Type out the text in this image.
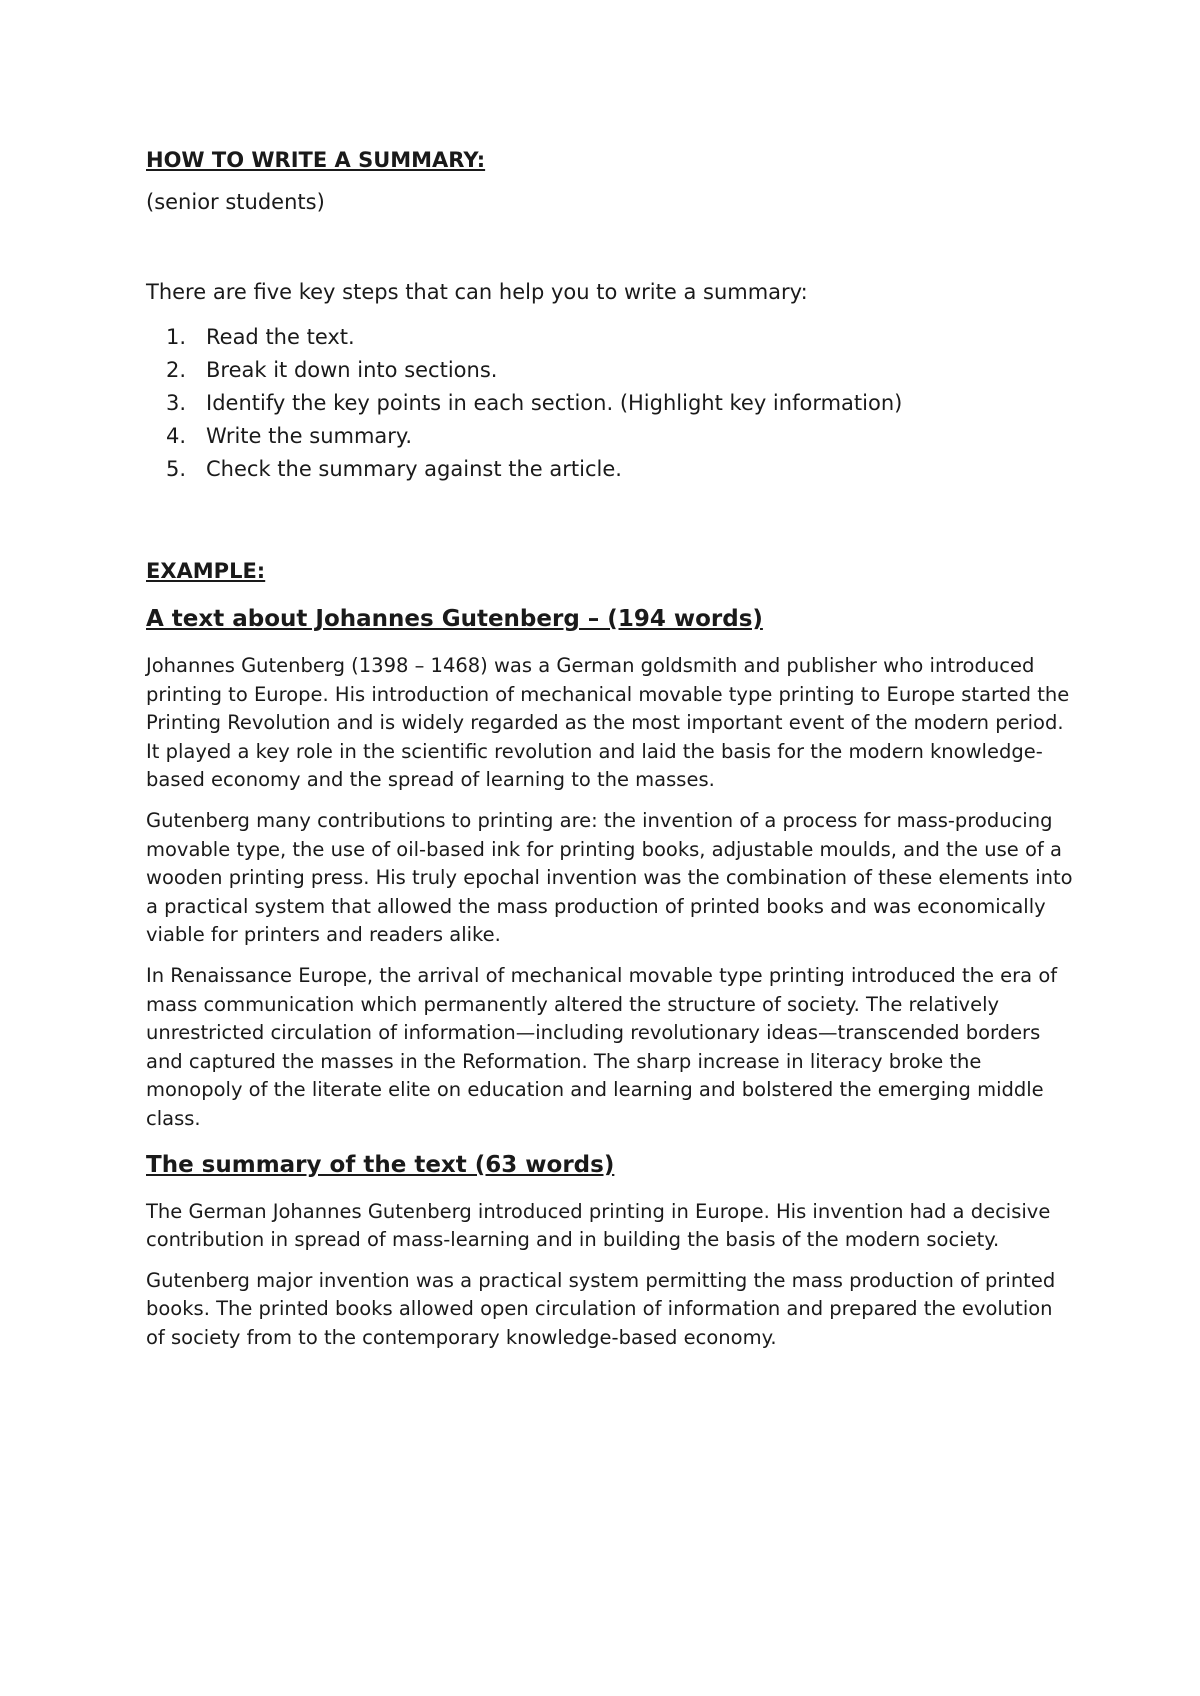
HOW TO WRITE A SUMMARY:

(senior students)

There are five key steps that can help you to write a summary:

1. Read the text.
2. Break it down into sections.
3. Identify the key points in each section. (Highlight key information)
4. Write the summary.
5. Check the summary against the article.
EXAMPLE:
A text about Johannes Gutenberg – (194 words)

Johannes Gutenberg (1398 – 1468) was a German goldsmith and publisher who introduced printing to Europe. His introduction of mechanical movable type printing to Europe started the Printing Revolution and is widely regarded as the most important event of the modern period. It played a key role in the scientific revolution and laid the basis for the modern knowledge-based economy and the spread of learning to the masses.

Gutenberg many contributions to printing are: the invention of a process for mass-producing movable type, the use of oil-based ink for printing books, adjustable moulds, and the use of a wooden printing press. His truly epochal invention was the combination of these elements into a practical system that allowed the mass production of printed books and was economically viable for printers and readers alike.

In Renaissance Europe, the arrival of mechanical movable type printing introduced the era of mass communication which permanently altered the structure of society. The relatively unrestricted circulation of information—including revolutionary ideas—transcended borders and captured the masses in the Reformation. The sharp increase in literacy broke the monopoly of the literate elite on education and learning and bolstered the emerging middle class.

The summary of the text (63 words)

The German Johannes Gutenberg introduced printing in Europe. His invention had a decisive contribution in spread of mass-learning and in building the basis of the modern society.

Gutenberg major invention was a practical system permitting the mass production of printed books. The printed books allowed open circulation of information and prepared the evolution of society from to the contemporary knowledge-based economy.
